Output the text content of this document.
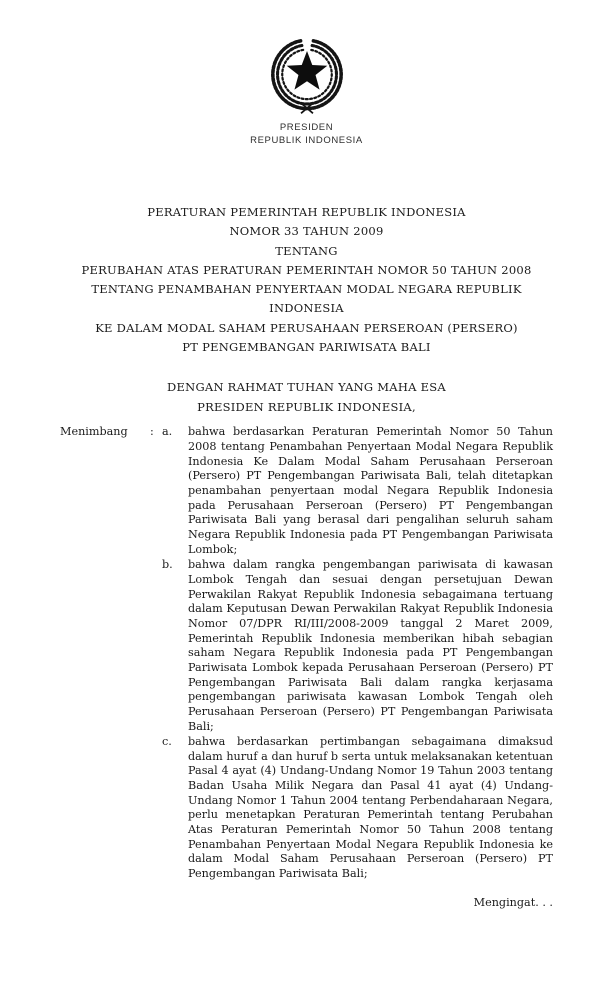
PRESIDEN
REPUBLIK INDONESIA
PERATURAN PEMERINTAH REPUBLIK INDONESIA
NOMOR 33 TAHUN 2009
TENTANG
PERUBAHAN ATAS PERATURAN PEMERINTAH NOMOR 50 TAHUN 2008
TENTANG PENAMBAHAN PENYERTAAN MODAL NEGARA REPUBLIK INDONESIA
KE DALAM MODAL SAHAM PERUSAHAAN PERSEROAN (PERSERO)
PT PENGEMBANGAN PARIWISATA BALI
DENGAN RAHMAT TUHAN YANG MAHA ESA
PRESIDEN REPUBLIK INDONESIA,
Menimbang	: a.	bahwa berdasarkan Peraturan Pemerintah Nomor 50 Tahun 2008 tentang Penambahan Penyertaan Modal Negara Republik Indonesia Ke Dalam Modal Saham Perusahaan Perseroan (Persero) PT Pengembangan Pariwisata Bali, telah ditetapkan penambahan penyertaan modal Negara Republik Indonesia pada Perusahaan Perseroan (Persero) PT Pengembangan Pariwisata Bali yang berasal dari pengalihan seluruh saham Negara Republik Indonesia pada PT Pengembangan Pariwisata Lombok;

b.	bahwa dalam rangka pengembangan pariwisata di kawasan Lombok Tengah dan sesuai dengan persetujuan Dewan Perwakilan Rakyat Republik Indonesia sebagaimana tertuang dalam Keputusan Dewan Perwakilan Rakyat Republik Indonesia Nomor 07/DPR RI/III/2008-2009 tanggal 2 Maret 2009, Pemerintah Republik Indonesia memberikan hibah sebagian saham Negara Republik Indonesia pada PT Pengembangan Pariwisata Lombok kepada Perusahaan Perseroan (Persero) PT Pengembangan Pariwisata Bali dalam rangka kerjasama pengembangan pariwisata kawasan Lombok Tengah oleh Perusahaan Perseroan (Persero) PT Pengembangan Pariwisata Bali;

c.	bahwa berdasarkan pertimbangan sebagaimana dimaksud dalam huruf a dan huruf b serta untuk melaksanakan ketentuan Pasal 4 ayat (4) Undang-Undang Nomor 19 Tahun 2003 tentang Badan Usaha Milik Negara dan Pasal 41 ayat (4) Undang-Undang Nomor 1 Tahun 2004 tentang Perbendaharaan Negara, perlu menetapkan Peraturan Pemerintah tentang Perubahan Atas Peraturan Pemerintah Nomor 50 Tahun 2008 tentang Penambahan Penyertaan Modal Negara Republik Indonesia ke dalam Modal Saham Perusahaan Perseroan (Persero) PT Pengembangan Pariwisata Bali;

Mengingat. . .
